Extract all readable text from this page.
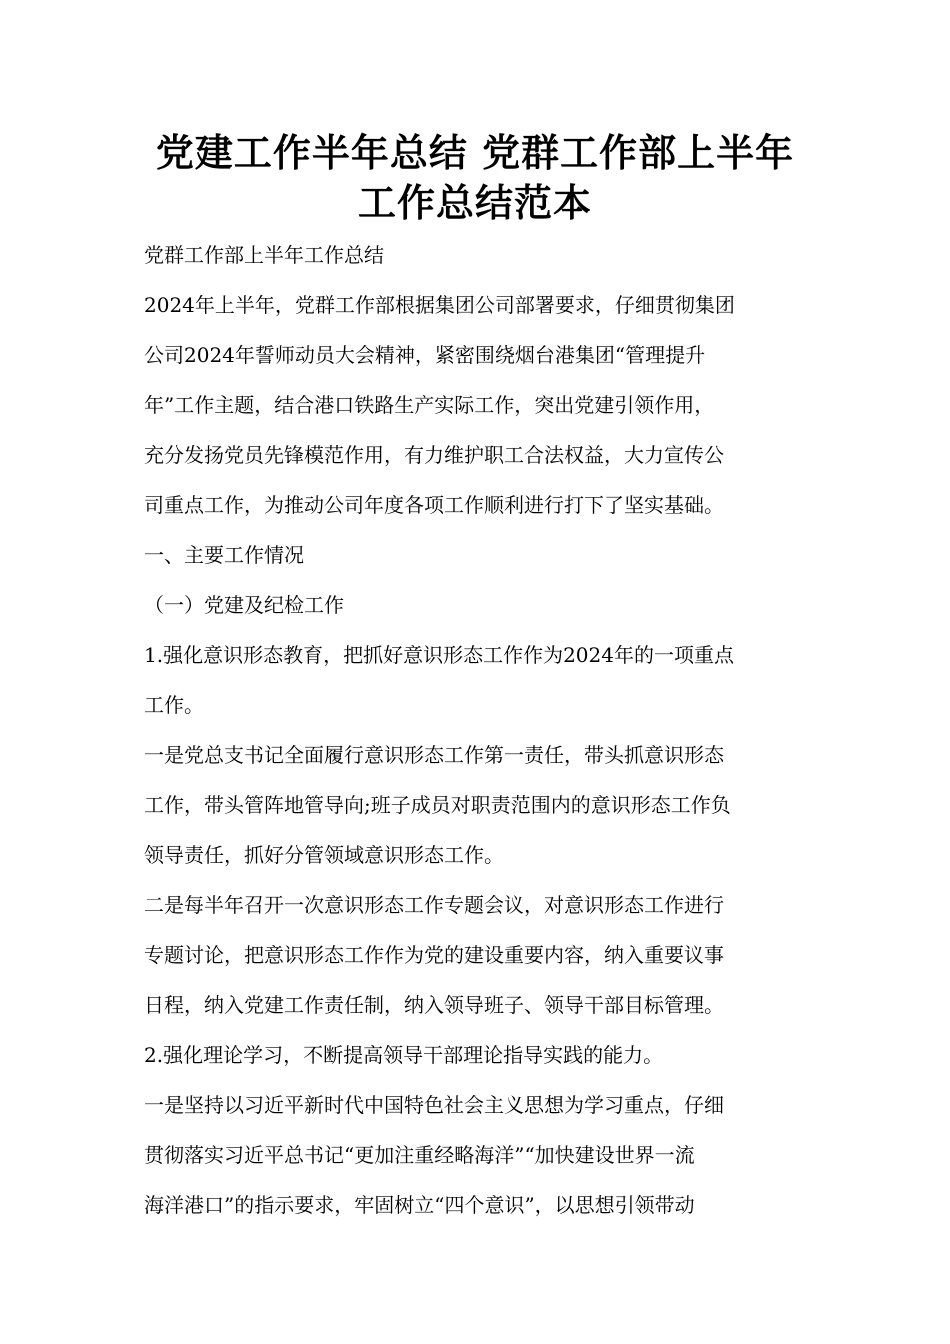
党建工作半年总结 党群工作部上半年
工作总结范本

党群工作部上半年工作总结

2024年上半年，党群工作部根据集团公司部署要求，仔细贯彻集团
公司2024年誓师动员大会精神，紧密围绕烟台港集团“管理提升
年”工作主题，结合港口铁路生产实际工作，突出党建引领作用，
充分发扬党员先锋模范作用，有力维护职工合法权益，大力宣传公
司重点工作，为推动公司年度各项工作顺利进行打下了坚实基础。

一、主要工作情况

（一）党建及纪检工作

1.强化意识形态教育，把抓好意识形态工作作为2024年的一项重点
工作。

一是党总支书记全面履行意识形态工作第一责任，带头抓意识形态
工作，带头管阵地管导向;班子成员对职责范围内的意识形态工作负
领导责任，抓好分管领域意识形态工作。

二是每半年召开一次意识形态工作专题会议，对意识形态工作进行
专题讨论，把意识形态工作作为党的建设重要内容，纳入重要议事
日程，纳入党建工作责任制，纳入领导班子、领导干部目标管理。

2.强化理论学习，不断提高领导干部理论指导实践的能力。

一是坚持以习近平新时代中国特色社会主义思想为学习重点，仔细
贯彻落实习近平总书记“更加注重经略海洋”“加快建设世界一流
海洋港口”的指示要求，牢固树立“四个意识”，以思想引领带动
